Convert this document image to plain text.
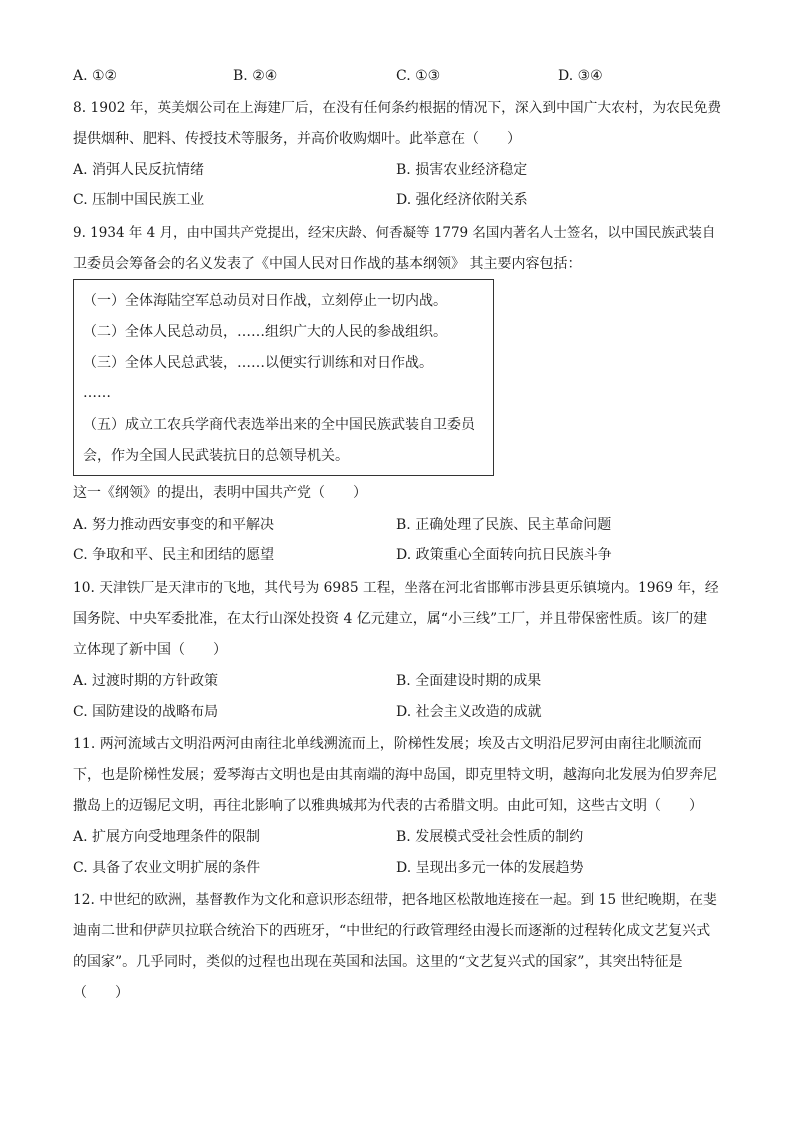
A. ①②	B. ②④	C. ①③	D. ③④
8. 1902 年，英美烟公司在上海建厂后，在没有任何条约根据的情况下，深入到中国广大农村，为农民免费
提供烟种、肥料、传授技术等服务，并高价收购烟叶。此举意在（　　）
A. 消弭人民反抗情绪	B. 损害农业经济稳定
C. 压制中国民族工业	D. 强化经济依附关系
9. 1934 年 4 月，由中国共产党提出，经宋庆龄、何香凝等 1779 名国内著名人士签名，以中国民族武装自
卫委员会筹备会的名义发表了《中国人民对日作战的基本纲领》 其主要内容包括：
（一）全体海陆空军总动员对日作战，立刻停止一切内战。
（二）全体人民总动员，……组织广大的人民的参战组织。
（三）全体人民总武装，……以便实行训练和对日作战。
……
（五）成立工农兵学商代表选举出来的全中国民族武装自卫委员
会，作为全国人民武装抗日的总领导机关。
这一《纲领》的提出，表明中国共产党（　　）
A. 努力推动西安事变的和平解决	B. 正确处理了民族、民主革命问题
C. 争取和平、民主和团结的愿望	D. 政策重心全面转向抗日民族斗争
10. 天津铁厂是天津市的飞地，其代号为 6985 工程，坐落在河北省邯郸市涉县更乐镇境内。1969 年，经
国务院、中央军委批准，在太行山深处投资 4 亿元建立，属“小三线”工厂，并且带保密性质。该厂的建
立体现了新中国（　　）
A. 过渡时期的方针政策	B. 全面建设时期的成果
C. 国防建设的战略布局	D. 社会主义改造的成就
11. 两河流域古文明沿两河由南往北单线溯流而上，阶梯性发展；埃及古文明沿尼罗河由南往北顺流而
下，也是阶梯性发展；爱琴海古文明也是由其南端的海中岛国，即克里特文明，越海向北发展为伯罗奔尼
撒岛上的迈锡尼文明，再往北影响了以雅典城邦为代表的古希腊文明。由此可知，这些古文明（　　）
A. 扩展方向受地理条件的限制	B. 发展模式受社会性质的制约
C. 具备了农业文明扩展的条件	D. 呈现出多元一体的发展趋势
12. 中世纪的欧洲，基督教作为文化和意识形态纽带，把各地区松散地连接在一起。到 15 世纪晚期，在斐
迪南二世和伊萨贝拉联合统治下的西班牙，“中世纪的行政管理经由漫长而逐渐的过程转化成文艺复兴式
的国家”。几乎同时，类似的过程也出现在英国和法国。这里的“文艺复兴式的国家”，其突出特征是
（　　）
